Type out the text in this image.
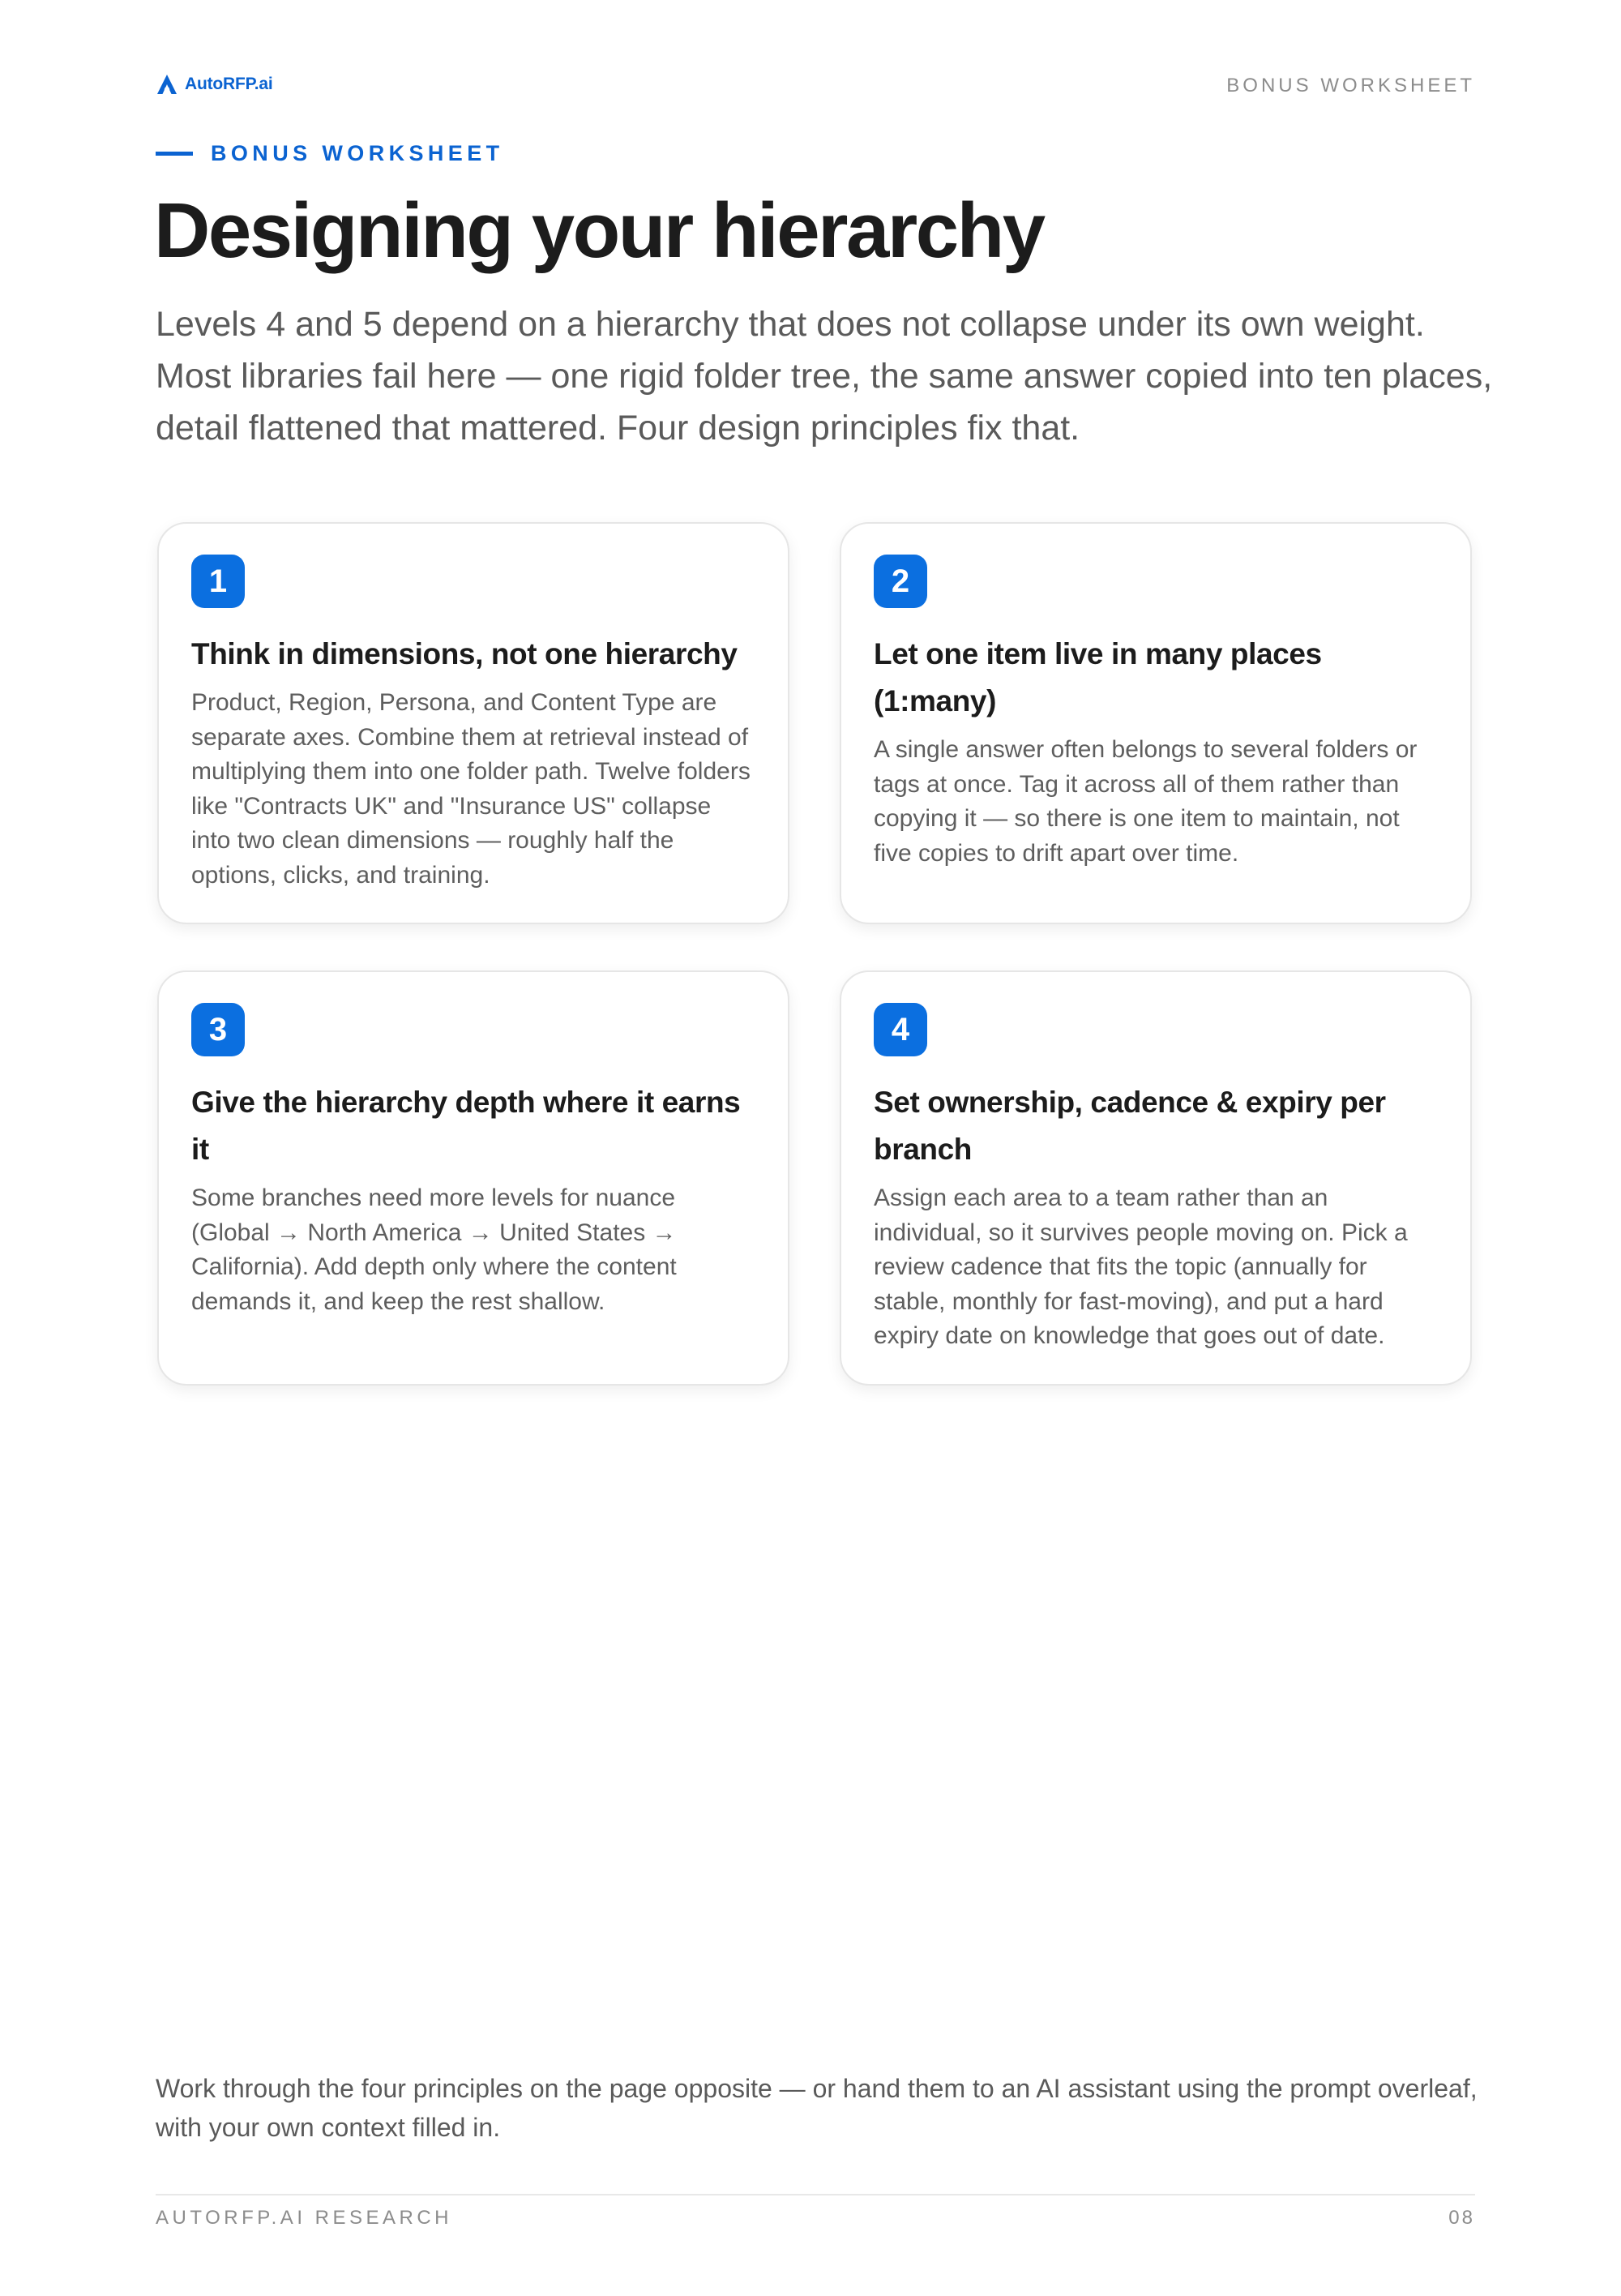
AutoRFP.ai	BONUS WORKSHEET
BONUS WORKSHEET
Designing your hierarchy

Levels 4 and 5 depend on a hierarchy that does not collapse under its own weight. Most libraries fail here — one rigid folder tree, the same answer copied into ten places, detail flattened that mattered. Four design principles fix that.

1
Think in dimensions, not one hierarchy

Product, Region, Persona, and Content Type are separate axes. Combine them at retrieval instead of multiplying them into one folder path. Twelve folders like "Contracts UK" and "Insurance US" collapse into two clean dimensions — roughly half the options, clicks, and training.

2
Let one item live in many places (1:many)

A single answer often belongs to several folders or tags at once. Tag it across all of them rather than copying it — so there is one item to maintain, not five copies to drift apart over time.

3
Give the hierarchy depth where it earns it

Some branches need more levels for nuance (Global → North America → United States → California). Add depth only where the content demands it, and keep the rest shallow.

4
Set ownership, cadence & expiry per branch

Assign each area to a team rather than an individual, so it survives people moving on. Pick a review cadence that fits the topic (annually for stable, monthly for fast-moving), and put a hard expiry date on knowledge that goes out of date.

Work through the four principles on the page opposite — or hand them to an AI assistant using the prompt overleaf, with your own context filled in.

AUTORFP.AI RESEARCH	08
